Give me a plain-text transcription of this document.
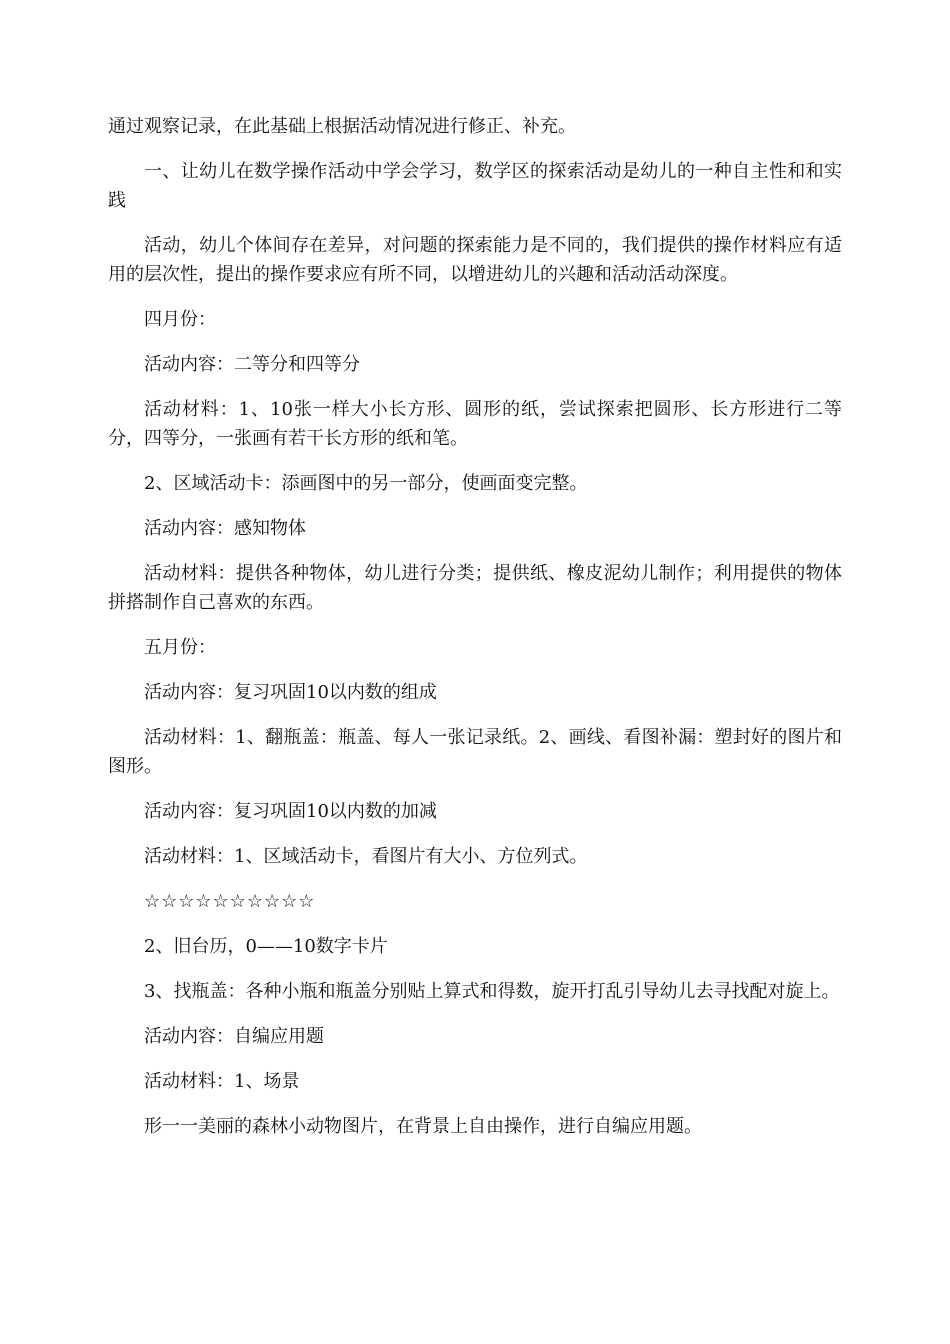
通过观察记录，在此基础上根据活动情况进行修正、补充。

一、让幼儿在数学操作活动中学会学习，数学区的探索活动是幼儿的一种自主性和和实践

活动，幼儿个体间存在差异，对问题的探索能力是不同的，我们提供的操作材料应有适用的层次性，提出的操作要求应有所不同，以增进幼儿的兴趣和活动活动深度。

四月份：

活动内容：二等分和四等分

活动材料：1、10张一样大小长方形、圆形的纸，尝试探索把圆形、长方形进行二等分，四等分，一张画有若干长方形的纸和笔。

2、区域活动卡：添画图中的另一部分，使画面变完整。

活动内容：感知物体

活动材料：提供各种物体，幼儿进行分类；提供纸、橡皮泥幼儿制作；利用提供的物体拼搭制作自己喜欢的东西。

五月份：

活动内容：复习巩固10以内数的组成

活动材料：1、翻瓶盖：瓶盖、每人一张记录纸。2、画线、看图补漏：塑封好的图片和图形。

活动内容：复习巩固10以内数的加减

活动材料：1、区域活动卡，看图片有大小、方位列式。

☆☆☆☆☆☆☆☆☆☆

2、旧台历，0——10数字卡片

3、找瓶盖：各种小瓶和瓶盖分别贴上算式和得数，旋开打乱引导幼儿去寻找配对旋上。

活动内容：自编应用题

活动材料：1、场景

形一一美丽的森林小动物图片，在背景上自由操作，进行自编应用题。
